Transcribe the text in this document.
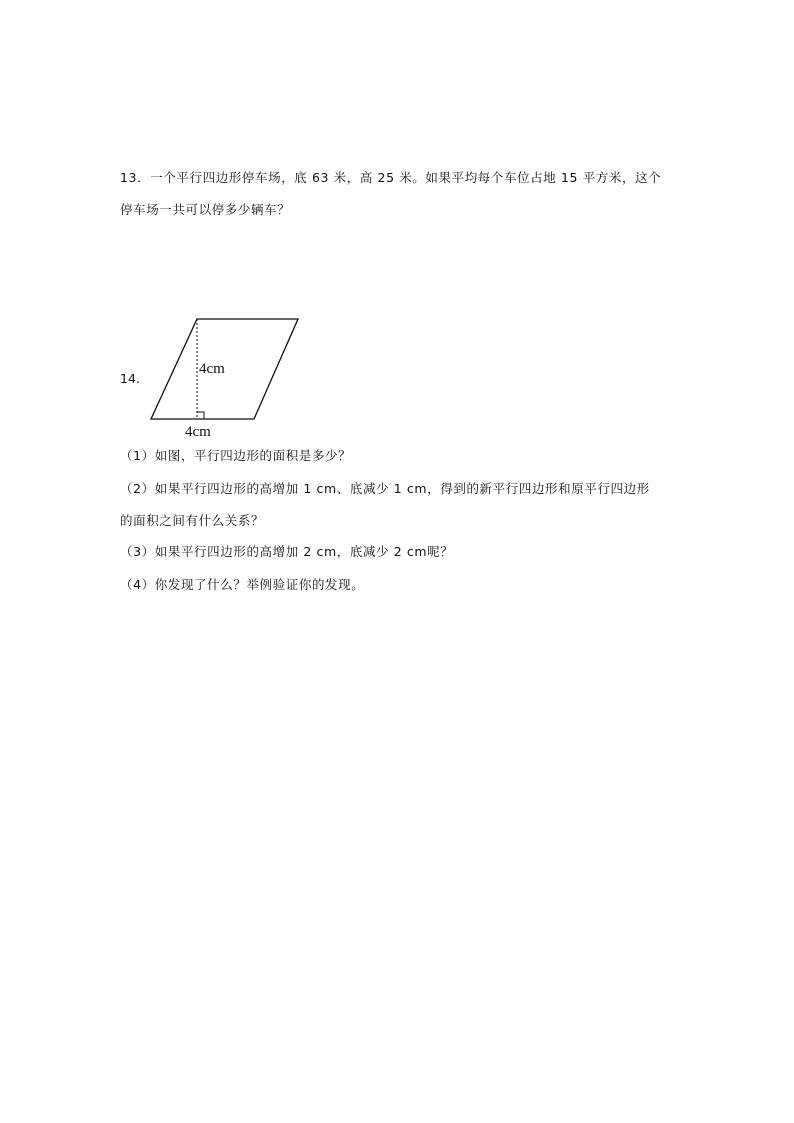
13．一个平行四边形停车场，底 63 米，高 25 米。如果平均每个车位占地 15 平方米，这个
停车场一共可以停多少辆车？
14.
4cm
4cm
（1）如图，平行四边形的面积是多少？
（2）如果平行四边形的高增加 1 cm、底减少 1 cm，得到的新平行四边形和原平行四边形
的面积之间有什么关系？
（3）如果平行四边形的高增加 2 cm，底减少 2 cm呢？
（4）你发现了什么？举例验证你的发现。
